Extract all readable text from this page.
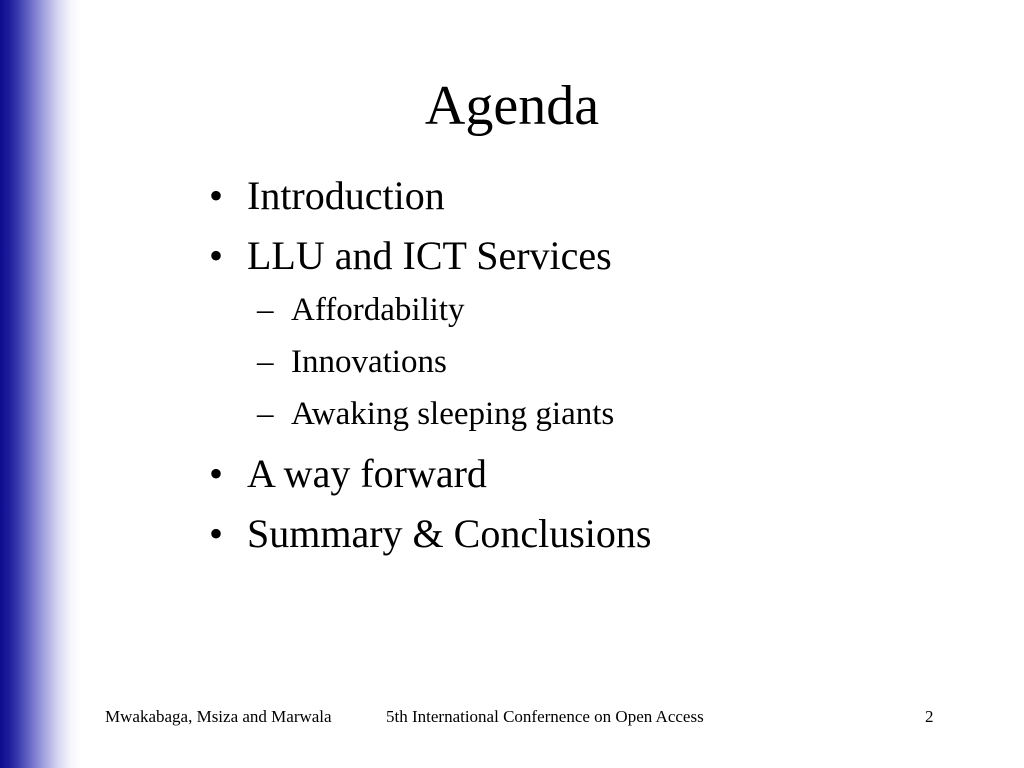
Agenda
• Introduction
• LLU and ICT Services
– Affordability
– Innovations
– Awaking sleeping giants
• A way forward
• Summary & Conclusions
Mwakabaga, Msiza and Marwala	5th International Confernence on Open Access	2
